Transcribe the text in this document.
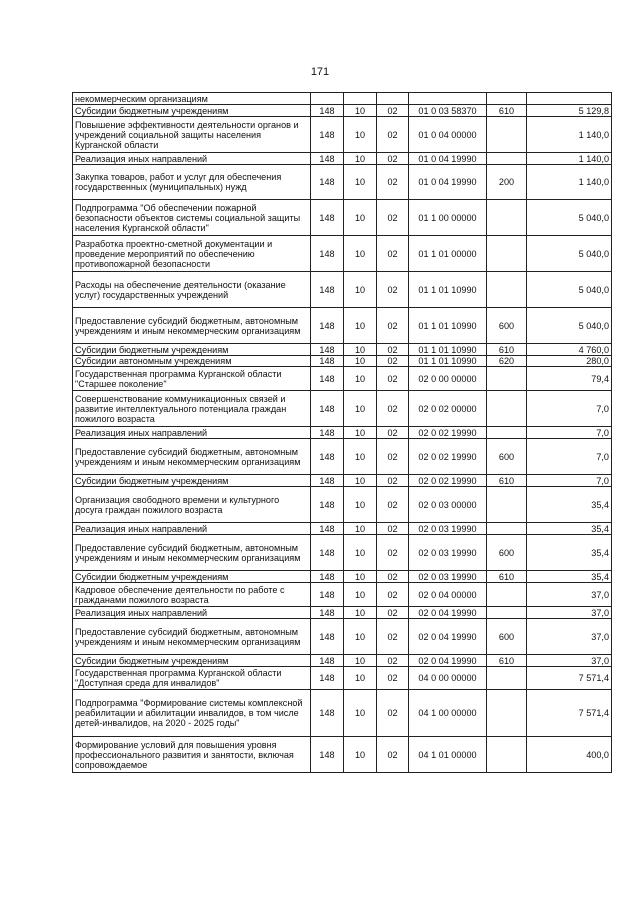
171
некоммерческим организациям						
Субсидии бюджетным учреждениям	148	10	02	01 0 03 58370	610	5 129,8
Повышение эффективности деятельности органов и учреждений социальной защиты населения Курганской области	148	10	02	01 0 04 00000		1 140,0
Реализация иных направлений	148	10	02	01 0 04 19990		1 140,0
Закупка товаров, работ и услуг для обеспечения государственных (муниципальных) нужд	148	10	02	01 0 04 19990	200	1 140,0
Подпрограмма "Об обеспечении пожарной безопасности объектов системы социальной защиты населения Курганской области"	148	10	02	01 1 00 00000		5 040,0
Разработка проектно-сметной документации и проведение мероприятий по обеспечению противопожарной безопасности	148	10	02	01 1 01 00000		5 040,0
Расходы на обеспечение деятельности (оказание услуг) государственных учреждений	148	10	02	01 1 01 10990		5 040,0
Предоставление субсидий бюджетным, автономным учреждениям и иным некоммерческим организациям	148	10	02	01 1 01 10990	600	5 040,0
Субсидии бюджетным учреждениям	148	10	02	01 1 01 10990	610	4 760,0
Субсидии автономным учреждениям	148	10	02	01 1 01 10990	620	280,0
Государственная программа Курганской области "Старшее поколение"	148	10	02	02 0 00 00000		79,4
Совершенствование коммуникационных связей и развитие интеллектуального потенциала граждан пожилого возраста	148	10	02	02 0 02 00000		7,0
Реализация иных направлений	148	10	02	02 0 02 19990		7,0
Предоставление субсидий бюджетным, автономным учреждениям и иным некоммерческим организациям	148	10	02	02 0 02 19990	600	7,0
Субсидии бюджетным учреждениям	148	10	02	02 0 02 19990	610	7,0
Организация свободного времени и культурного досуга граждан пожилого возраста	148	10	02	02 0 03 00000		35,4
Реализация иных направлений	148	10	02	02 0 03 19990		35,4
Предоставление субсидий бюджетным, автономным учреждениям и иным некоммерческим организациям	148	10	02	02 0 03 19990	600	35,4
Субсидии бюджетным учреждениям	148	10	02	02 0 03 19990	610	35,4
Кадровое обеспечение деятельности по работе с гражданами пожилого возраста	148	10	02	02 0 04 00000		37,0
Реализация иных направлений	148	10	02	02 0 04 19990		37,0
Предоставление субсидий бюджетным, автономным учреждениям и иным некоммерческим организациям	148	10	02	02 0 04 19990	600	37,0
Субсидии бюджетным учреждениям	148	10	02	02 0 04 19990	610	37,0
Государственная программа Курганской области "Доступная среда для инвалидов"	148	10	02	04 0 00 00000		7 571,4
Подпрограмма "Формирование системы комплексной реабилитации и абилитации инвалидов, в том числе детей-инвалидов, на 2020 - 2025 годы"	148	10	02	04 1 00 00000		7 571,4
Формирование условий для повышения уровня профессионального развития и занятости, включая сопровождаемое	148	10	02	04 1 01 00000		400,0
